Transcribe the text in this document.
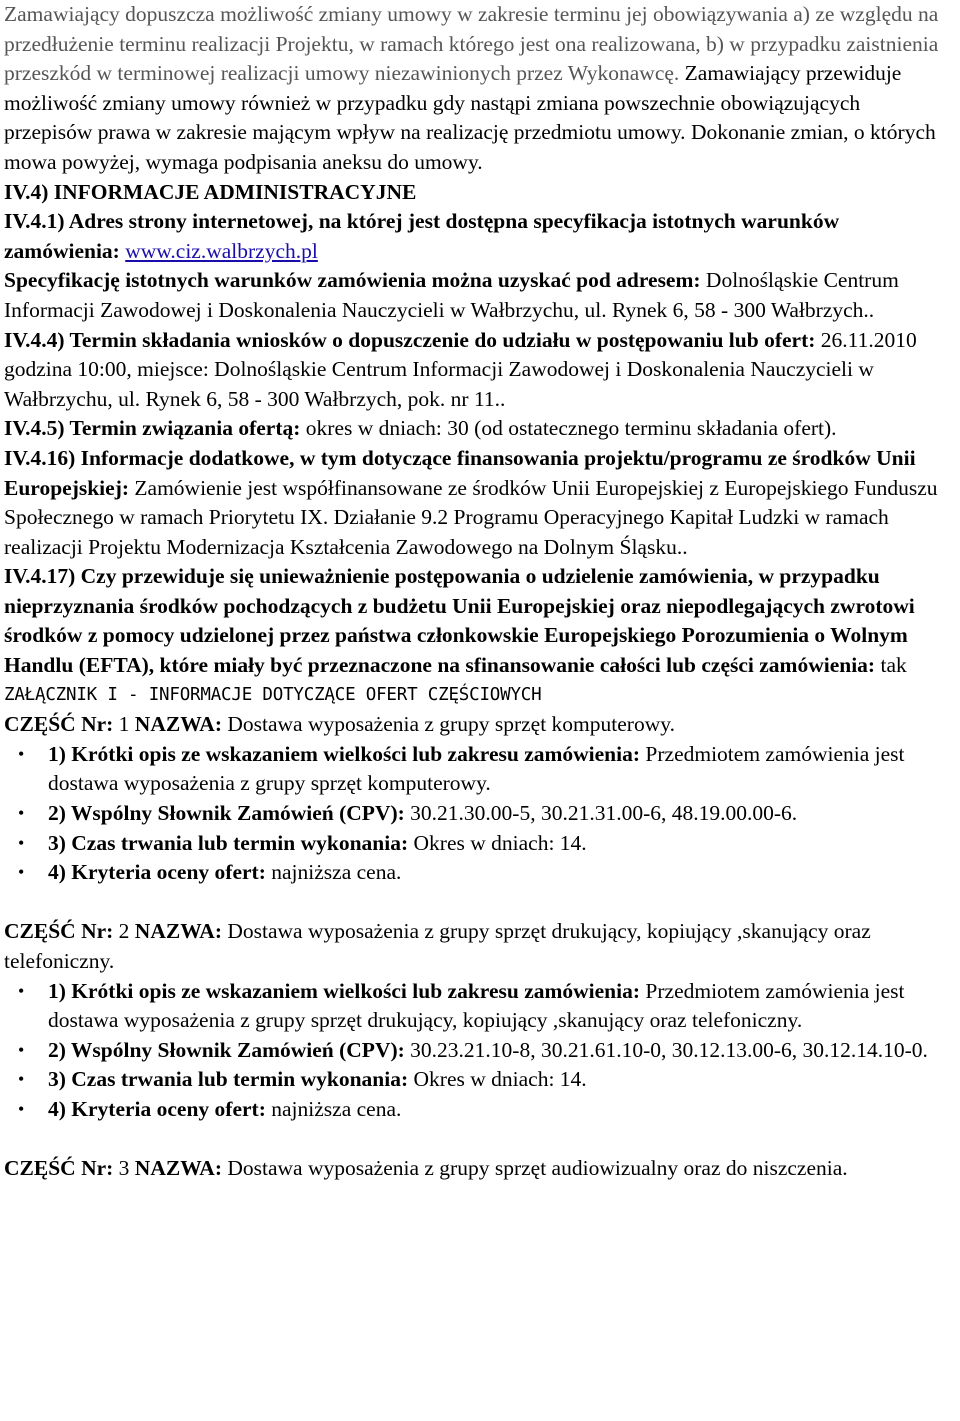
Zamawiający dopuszcza możliwość zmiany umowy w zakresie terminu jej obowiązywania a) ze względu na przedłużenie terminu realizacji Projektu, w ramach którego jest ona realizowana, b) w przypadku zaistnienia przeszkód w terminowej realizacji umowy niezawinionych przez Wykonawcę. Zamawiający przewiduje możliwość zmiany umowy również w przypadku gdy nastąpi zmiana powszechnie obowiązujących przepisów prawa w zakresie mającym wpływ na realizację przedmiotu umowy. Dokonanie zmian, o których mowa powyżej, wymaga podpisania aneksu do umowy.

IV.4) INFORMACJE ADMINISTRACYJNE

IV.4.1) Adres strony internetowej, na której jest dostępna specyfikacja istotnych warunków zamówienia: www.ciz.walbrzych.pl

Specyfikację istotnych warunków zamówienia można uzyskać pod adresem: Dolnośląskie Centrum Informacji Zawodowej i Doskonalenia Nauczycieli w Wałbrzychu, ul. Rynek 6, 58 - 300 Wałbrzych..

IV.4.4) Termin składania wniosków o dopuszczenie do udziału w postępowaniu lub ofert: 26.11.2010 godzina 10:00, miejsce: Dolnośląskie Centrum Informacji Zawodowej i Doskonalenia Nauczycieli w Wałbrzychu, ul. Rynek 6, 58 - 300 Wałbrzych, pok. nr 11..

IV.4.5) Termin związania ofertą: okres w dniach: 30 (od ostatecznego terminu składania ofert).

IV.4.16) Informacje dodatkowe, w tym dotyczące finansowania projektu/programu ze środków Unii Europejskiej: Zamówienie jest współfinansowane ze środków Unii Europejskiej z Europejskiego Funduszu Społecznego w ramach Priorytetu IX. Działanie 9.2 Programu Operacyjnego Kapitał Ludzki w ramach realizacji Projektu Modernizacja Kształcenia Zawodowego na Dolnym Śląsku..

IV.4.17) Czy przewiduje się unieważnienie postępowania o udzielenie zamówienia, w przypadku nieprzyznania środków pochodzących z budżetu Unii Europejskiej oraz niepodlegających zwrotowi środków z pomocy udzielonej przez państwa członkowskie Europejskiego Porozumienia o Wolnym Handlu (EFTA), które miały być przeznaczone na sfinansowanie całości lub części zamówienia: tak

ZAŁĄCZNIK I - INFORMACJE DOTYCZĄCE OFERT CZĘŚCIOWYCH

CZĘŚĆ Nr: 1 NAZWA: Dostawa wyposażenia z grupy sprzęt komputerowy.

• 1) Krótki opis ze wskazaniem wielkości lub zakresu zamówienia: Przedmiotem zamówienia jest dostawa wyposażenia z grupy sprzęt komputerowy.
• 2) Wspólny Słownik Zamówień (CPV): 30.21.30.00-5, 30.21.31.00-6, 48.19.00.00-6.
• 3) Czas trwania lub termin wykonania: Okres w dniach: 14.
• 4) Kryteria oceny ofert: najniższa cena.

CZĘŚĆ Nr: 2 NAZWA: Dostawa wyposażenia z grupy sprzęt drukujący, kopiujący ,skanujący oraz telefoniczny.

• 1) Krótki opis ze wskazaniem wielkości lub zakresu zamówienia: Przedmiotem zamówienia jest dostawa wyposażenia z grupy sprzęt drukujący, kopiujący ,skanujący oraz telefoniczny.
• 2) Wspólny Słownik Zamówień (CPV): 30.23.21.10-8, 30.21.61.10-0, 30.12.13.00-6, 30.12.14.10-0.
• 3) Czas trwania lub termin wykonania: Okres w dniach: 14.
• 4) Kryteria oceny ofert: najniższa cena.

CZĘŚĆ Nr: 3 NAZWA: Dostawa wyposażenia z grupy sprzęt audiowizualny oraz do niszczenia.
